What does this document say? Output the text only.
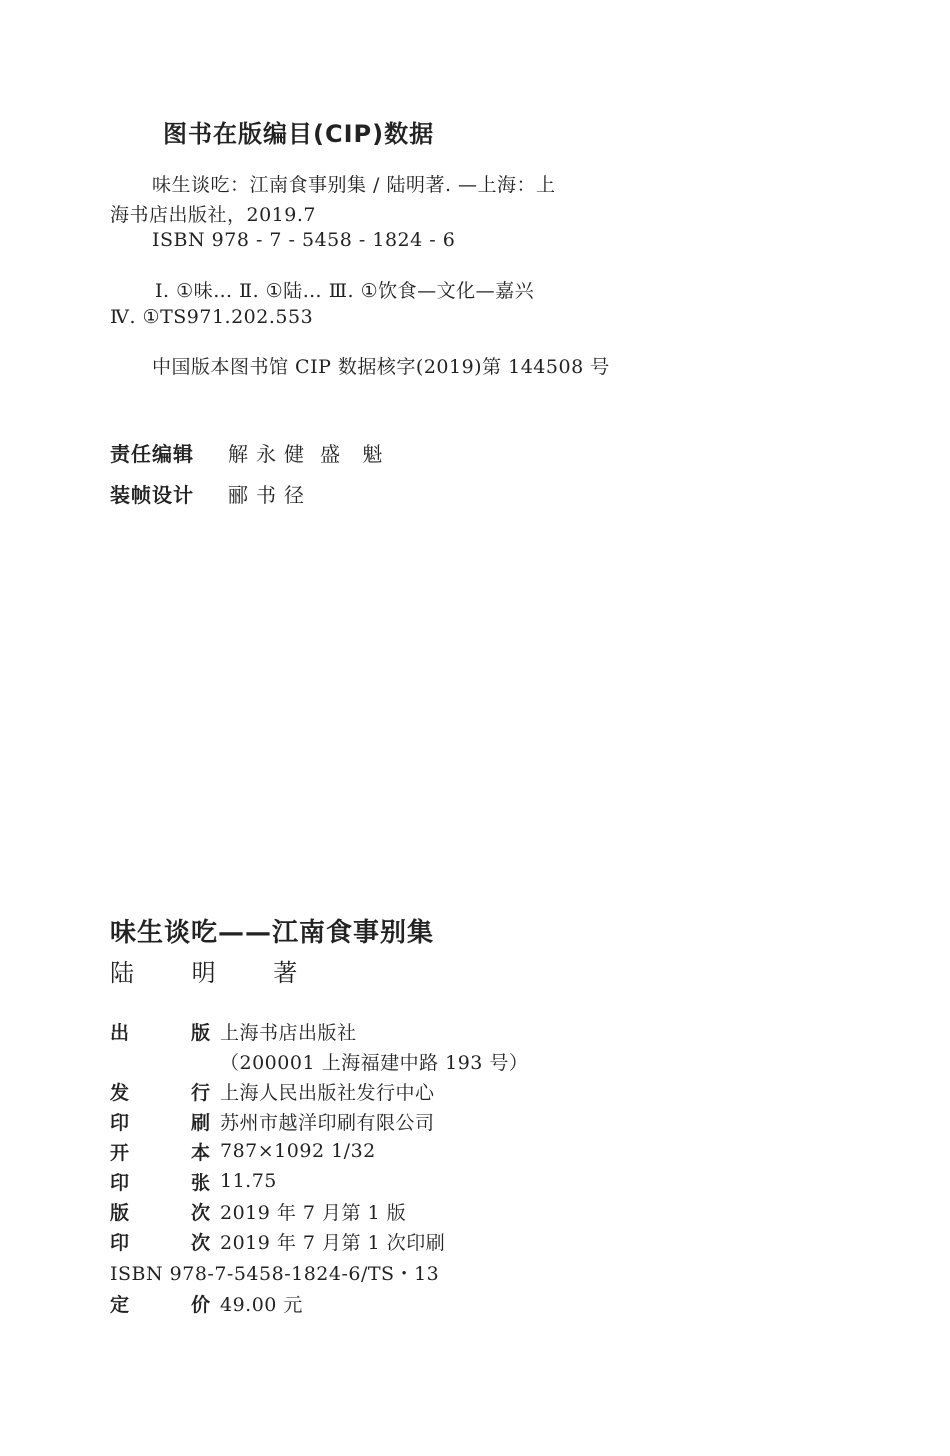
图书在版编目(CIP)数据
味生谈吃：江南食事别集 / 陆明著. —上海：上
海书店出版社，2019.7
ISBN 978 - 7 - 5458 - 1824 - 6
Ⅰ. ①味… Ⅱ. ①陆… Ⅲ. ①饮食—文化—嘉兴
Ⅳ. ①TS971.202.553
中国版本图书馆 CIP 数据核字(2019)第 144508 号
责任编辑 解永健 盛 魁
装帧设计 郦书径
味生谈吃——江南食事别集
陆 明 著
出	版 上海书店出版社
（200001 上海福建中路 193 号）
发	行 上海人民出版社发行中心
印	刷 苏州市越洋印刷有限公司
开	本 787×1092 1/32
印	张 11.75
版	次 2019 年 7 月第 1 版
印	次 2019 年 7 月第 1 次印刷
ISBN 978-7-5458-1824-6/TS・13
定	价 49.00 元
